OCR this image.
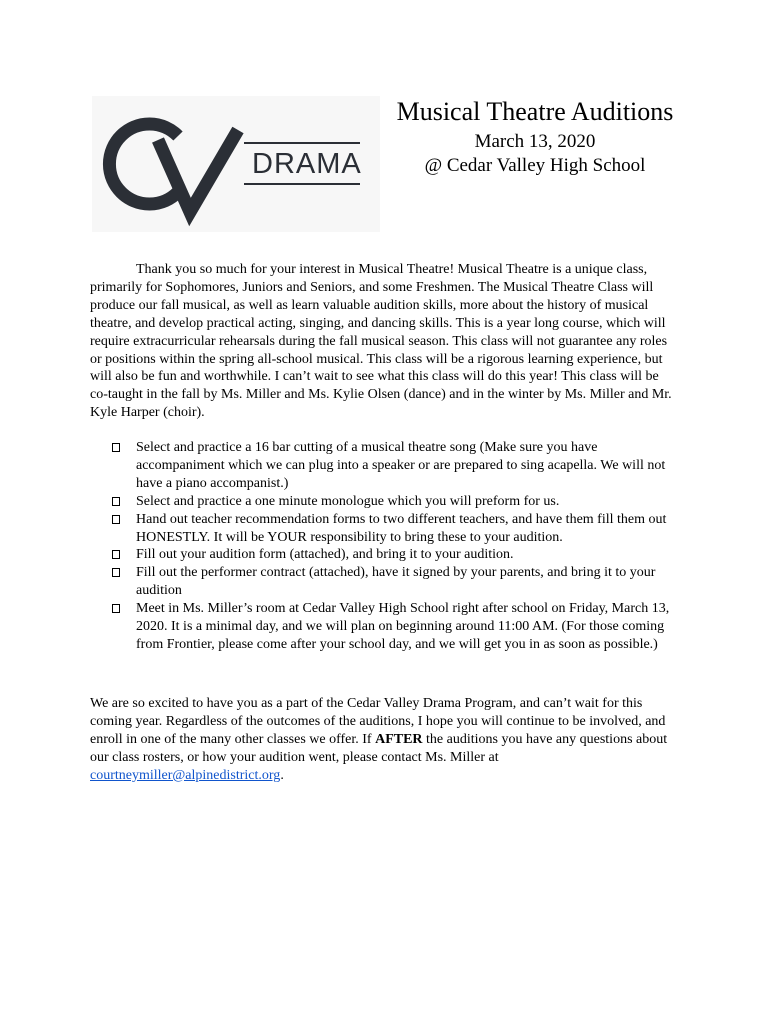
DRAMA
Musical Theatre Auditions
March 13, 2020
@ Cedar Valley High School

Thank you so much for your interest in Musical Theatre! Musical Theatre is a unique class, primarily for Sophomores, Juniors and Seniors, and some Freshmen. The Musical Theatre Class will produce our fall musical, as well as learn valuable audition skills, more about the history of musical theatre, and develop practical acting, singing, and dancing skills. This is a year long course, which will require extracurricular rehearsals during the fall musical season. This class will not guarantee any roles or positions within the spring all-school musical. This class will be a rigorous learning experience, but will also be fun and worthwhile. I can’t wait to see what this class will do this year! This class will be co-taught in the fall by Ms. Miller and Ms. Kylie Olsen (dance) and in the winter by Ms. Miller and Mr. Kyle Harper (choir).

Select and practice a 16 bar cutting of a musical theatre song (Make sure you have accompaniment which we can plug into a speaker or are prepared to sing acapella. We will not have a piano accompanist.)
Select and practice a one minute monologue which you will preform for us.
Hand out teacher recommendation forms to two different teachers, and have them fill them out HONESTLY. It will be YOUR responsibility to bring these to your audition.
Fill out your audition form (attached), and bring it to your audition.
Fill out the performer contract (attached), have it signed by your parents, and bring it to your audition
Meet in Ms. Miller’s room at Cedar Valley High School right after school on Friday, March 13, 2020. It is a minimal day, and we will plan on beginning around 11:00 AM. (For those coming from Frontier, please come after your school day, and we will get you in as soon as possible.)

We are so excited to have you as a part of the Cedar Valley Drama Program, and can’t wait for this coming year. Regardless of the outcomes of the auditions, I hope you will continue to be involved, and enroll in one of the many other classes we offer. If AFTER the auditions you have any questions about our class rosters, or how your audition went, please contact Ms. Miller at courtneymiller@alpinedistrict.org.
